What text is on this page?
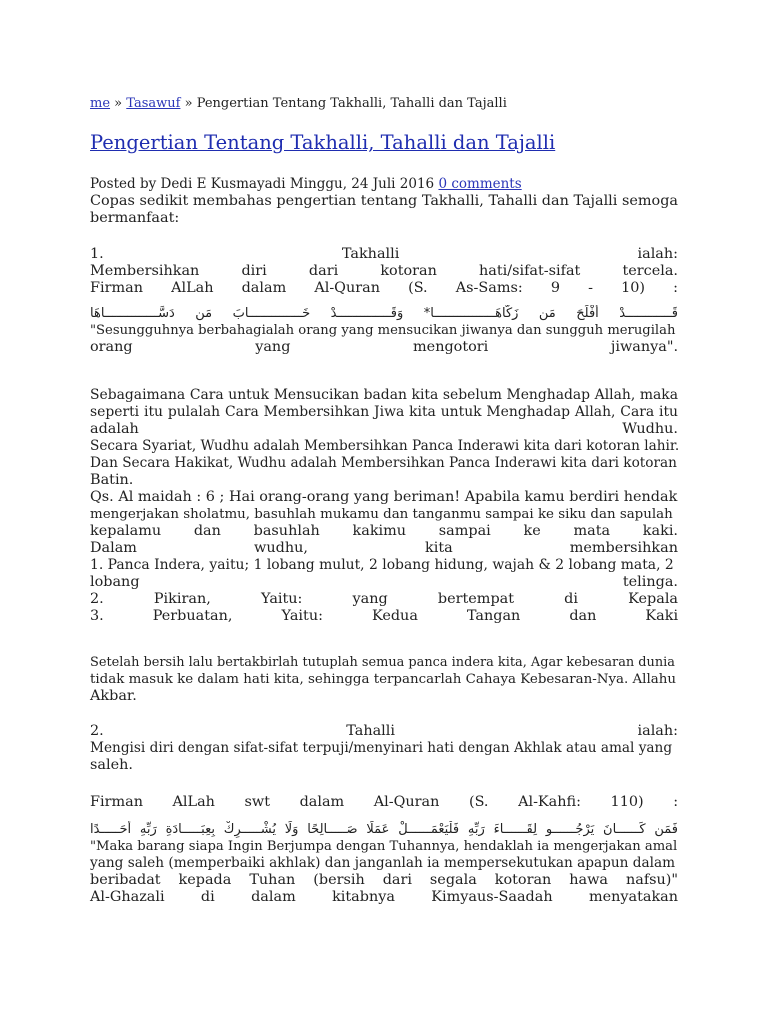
me » Tasawuf » Pengertian Tentang Takhalli, Tahalli dan Tajalli
Pengertian Tentang Takhalli, Tahalli dan Tajalli
Posted by Dedi E Kusmayadi Minggu, 24 Juli 2016 0 comments

Copas sedikit membahas pengertian tentang Takhalli, Tahalli dan Tajalli semoga bermanfaat:

1.	Takhalli	ialah:

Membersihkan	diri	dari	kotoran	hati/sifat-sifat	tercela.

Firman AlLah dalam Al-Quran (S. As-Sams: 9 - 10) :

قَــــــــــــدْ أَفْلَحَ مَن زَكَّاهَــــــــــــــــا* وَقَــــــــــــــدْ خَــــــــــــــابَ مَن دَسَّــــــــــــــاهَا

"Sesungguhnya berbahagialah orang yang mensucikan jiwanya dan sungguh merugilah

orang	yang	mengotori	jiwanya".

Sebagaimana Cara untuk Mensucikan badan kita sebelum Menghadap Allah, maka

seperti itu pulalah Cara Membersihkan Jiwa kita untuk Menghadap Allah, Cara itu

adalah	Wudhu.

Secara Syariat, Wudhu adalah Membersihkan Panca Inderawi kita dari kotoran lahir.

Dan Secara Hakikat, Wudhu adalah Membersihkan Panca Inderawi kita dari kotoran

Batin.

Qs. Al maidah : 6 ; Hai orang-orang yang beriman! Apabila kamu berdiri hendak

mengerjakan sholatmu, basuhlah mukamu dan tanganmu sampai ke siku dan sapulah

kepalamu dan basuhlah kakimu sampai ke mata kaki.

Dalam	wudhu,	kita	membersihkan

1. Panca Indera, yaitu; 1 lobang mulut, 2 lobang hidung, wajah & 2 lobang mata, 2

lobang	telinga.

2.	Pikiran,	Yaitu:	yang	bertempat	di	Kepala

3.	Perbuatan,	Yaitu:	Kedua	Tangan	dan	Kaki

Setelah bersih lalu bertakbirlah tutuplah semua panca indera kita, Agar kebesaran dunia

tidak masuk ke dalam hati kita, sehingga terpancarlah Cahaya Kebesaran-Nya. Allahu

Akbar.

2.	Tahalli	ialah:

Mengisi diri dengan sifat-sifat terpuji/menyinari hati dengan Akhlak atau amal yang

saleh.

Firman AlLah swt dalam Al-Quran (S. Al-Kahfi: 110) :

فَمَن كَــــــانَ يَرْجُــــــو لِقَــــــاءَ رَبِّهِ فَلْيَعْمَــــــلْ عَمَلًا صَـــــالِحًا وَلَا يُشْـــــرِكْ بِعِبَـــــادَةِ رَبِّهِ أَحَـــــدًا

"Maka barang siapa Ingin Berjumpa dengan Tuhannya, hendaklah ia mengerjakan amal

yang saleh (memperbaiki akhlak) dan janganlah ia mempersekutukan apapun dalam

beribadat kepada Tuhan (bersih dari segala kotoran hawa nafsu)"

Al-Ghazali	di	dalam	kitabnya	Kimyaus-Saadah	menyatakan
